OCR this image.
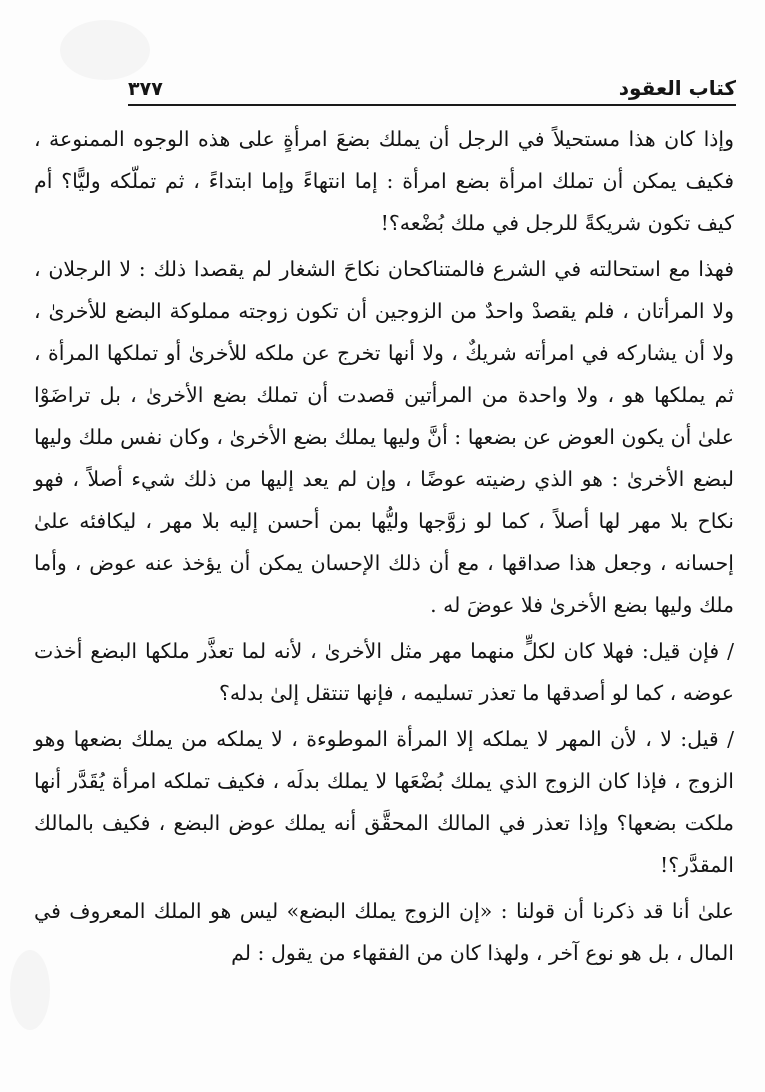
كتاب العقود
٣٧٧

وإذا كان هذا مستحيلاً في الرجل أن يملك بضعَ امرأةٍ على هذه الوجوه الممنوعة ، فكيف يمكن أن تملك امرأة بضع امرأة : إما انتهاءً وإما ابتداءً ، ثم تملّكه وليًّا؟ أم كيف تكون شريكةً للرجل في ملك بُضْعه؟!

فهذا مع استحالته في الشرع فالمتناكحان نكاحَ الشغار لم يقصدا ذلك : لا الرجلان ، ولا المرأتان ، فلم يقصدْ واحدٌ من الزوجين أن تكون زوجته مملوكة البضع للأخرىٰ ، ولا أن يشاركه في امرأته شريكٌ ، ولا أنها تخرج عن ملكه للأخرىٰ أو تملكها المرأة ، ثم يملكها هو ، ولا واحدة من المرأتين قصدت أن تملك بضع الأخرىٰ ، بل تراضَوْا علىٰ أن يكون العوض عن بضعها : أنَّ وليها يملك بضع الأخرىٰ ، وكان نفس ملك وليها لبضع الأخرىٰ : هو الذي رضيته عوضًا ، وإن لم يعد إليها من ذلك شيء أصلاً ، فهو نكاح بلا مهر لها أصلاً ، كما لو زوَّجها وليُّها بمن أحسن إليه بلا مهر ، ليكافئه علىٰ إحسانه ، وجعل هذا صداقها ، مع أن ذلك الإحسان يمكن أن يؤخذ عنه عوض ، وأما ملك وليها بضع الأخرىٰ فلا عوضَ له .

/ فإن قيل: فهلا كان لكلٍّ منهما مهر مثل الأخرىٰ ، لأنه لما تعذَّر ملكها البضع أخذت عوضه ، كما لو أصدقها ما تعذر تسليمه ، فإنها تنتقل إلىٰ بدله؟

/ قيل: لا ، لأن المهر لا يملكه إلا المرأة الموطوءة ، لا يملكه من يملك بضعها وهو الزوج ، فإذا كان الزوج الذي يملك بُضْعَها لا يملك بدلَه ، فكيف تملكه امرأة يُقَدَّر أنها ملكت بضعها؟ وإذا تعذر في المالك المحقَّق أنه يملك عوض البضع ، فكيف بالمالك المقدَّر؟!

علىٰ أنا قد ذكرنا أن قولنا : «إن الزوج يملك البضع» ليس هو الملك المعروف في المال ، بل هو نوع آخر ، ولهذا كان من الفقهاء من يقول : لم
